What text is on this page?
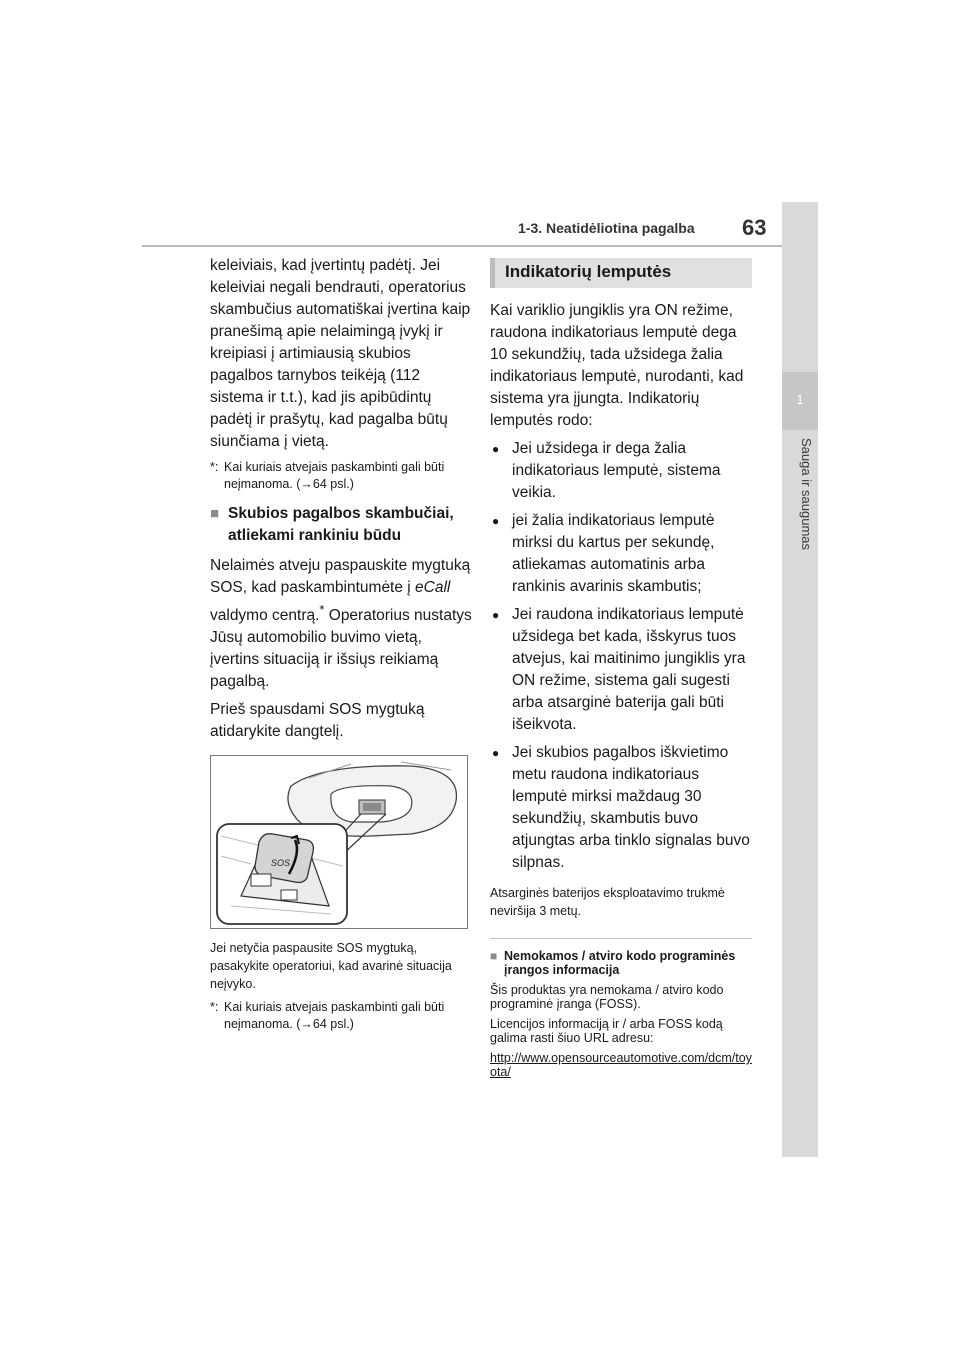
1-3. Neatidėliotina pagalba 63
1
Sauga ir saugumas

keleiviais, kad įvertintų padėtį. Jei keleiviai negali bendrauti, operatorius skambučius automatiškai įvertina kaip pranešimą apie nelaimingą įvykį ir kreipiasi į artimiausią skubios pagalbos tarnybos teikėją (112 sistema ir t.t.), kad jis apibūdintų padėtį ir prašytų, kad pagalba būtų siunčiama į vietą.

*: Kai kuriais atvejais paskambinti gali būti neįmanoma. (→64 psl.)
■ Skubios pagalbos skambučiai, atliekami rankiniu būdu

Nelaimės atveju paspauskite mygtuką SOS, kad paskambintumėte į eCall valdymo centrą.* Operatorius nustatys Jūsų automobilio buvimo vietą, įvertins situaciją ir išsiųs reikiamą pagalbą.

Prieš spausdami SOS mygtuką atidarykite dangtelį.

SOS

Jei netyčia paspausite SOS mygtuką, pasakykite operatoriui, kad avarinė situacija neįvyko.

*: Kai kuriais atvejais paskambinti gali būti neįmanoma. (→64 psl.)
Indikatorių lemputės

Kai variklio jungiklis yra ON režime, raudona indikatoriaus lemputė dega 10 sekundžių, tada užsidega žalia indikatoriaus lemputė, nurodanti, kad sistema yra įjungta. Indikatorių lemputės rodo:

● Jei užsidega ir dega žalia indikatoriaus lemputė, sistema veikia.
● jei žalia indikatoriaus lemputė mirksi du kartus per sekundę, atliekamas automatinis arba rankinis avarinis skambutis;
● Jei raudona indikatoriaus lemputė užsidega bet kada, išskyrus tuos atvejus, kai maitinimo jungiklis yra ON režime, sistema gali sugesti arba atsarginė baterija gali būti išeikvota.
● Jei skubios pagalbos iškvietimo metu raudona indikatoriaus lemputė mirksi maždaug 30 sekundžių, skambutis buvo atjungtas arba tinklo signalas buvo silpnas.

Atsarginės baterijos eksploatavimo trukmė neviršija 3 metų.

■ Nemokamos / atviro kodo programinės įrangos informacija

Šis produktas yra nemokama / atviro kodo programinė įranga (FOSS).

Licencijos informaciją ir / arba FOSS kodą galima rasti šiuo URL adresu:

http://www.opensourceautomotive.com/dcm/toyota/
